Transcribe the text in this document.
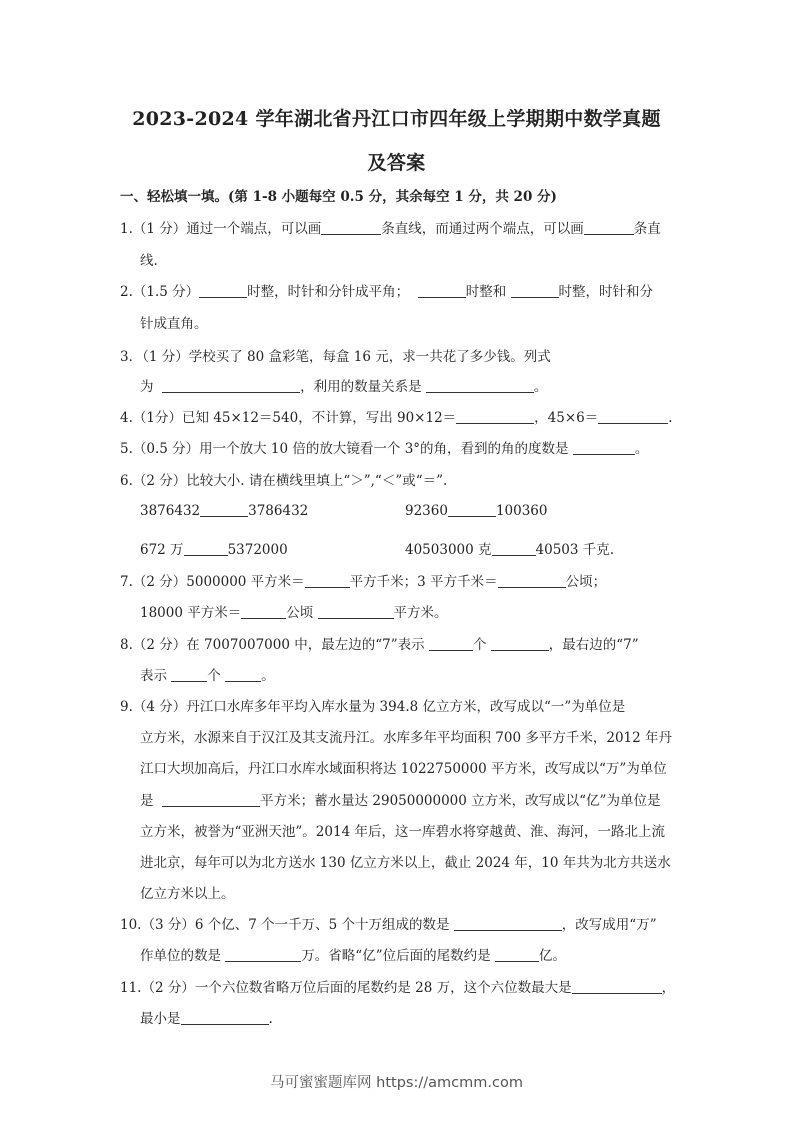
2023-2024 学年湖北省丹江口市四年级上学期期中数学真题
及答案
一、轻松填一填。(第 1-8 小题每空 0.5 分，其余每空 1 分，共 20 分)
1.（1 分）通过一个端点，可以画	条直线，而通过两个端点，可以画	条直
线.
2.（1.5 分）	时整，时针和分针成平角；	时整和	时整，时针和分
针成直角。
3．（1 分）学校买了 80 盒彩笔，每盒 16 元，求一共花了多少钱。列式
为	，利用的数量关系是	。
4.（1分）已知 45×12＝540，不计算，写出 90×12＝	，45×6＝	.
5.（0.5 分）用一个放大 10 倍的放大镜看一个 3°的角，看到的角的度数是	。
6.（2 分）比较大小. 请在横线里填上“＞”,“＜”或“＝”.
3876432	3786432	92360	100360
672 万	5372000	40503000 克	40503 千克.
7.（2 分）5000000 平方米＝	平方千米；3 平方千米＝	公顷；
18000 平方米＝	公顷	平方米。
8.（2 分）在 7007007000 中，最左边的“7”表示	个	，最右边的“7”
表示	个	。
9.（4 分）丹江口水库多年平均入库水量为 394.8 亿立方米，改写成以“一”为单位是
立方米，水源来自于汉江及其支流丹江。水库多年平均面积 700 多平方千米，2012 年丹
江口大坝加高后，丹江口水库水域面积将达 1022750000 平方米，改写成以“万”为单位
是	平方米；蓄水量达 29050000000 立方米，改写成以“亿”为单位是
立方米，被誉为“亚洲天池”。2014 年后，这一库碧水将穿越黄、淮、海河，一路北上流
进北京，每年可以为北方送水 130 亿立方米以上，截止 2024 年，10 年共为北方共送水
亿立方米以上。
10.（3 分）6 个亿、7 个一千万、5 个十万组成的数是	，改写成用“万”
作单位的数是	万。省略“亿”位后面的尾数约是	亿。
11.（2 分）一个六位数省略万位后面的尾数约是 28 万，这个六位数最大是	，
最小是	.
马可蜜蜜题库网 https://amcmm.com
